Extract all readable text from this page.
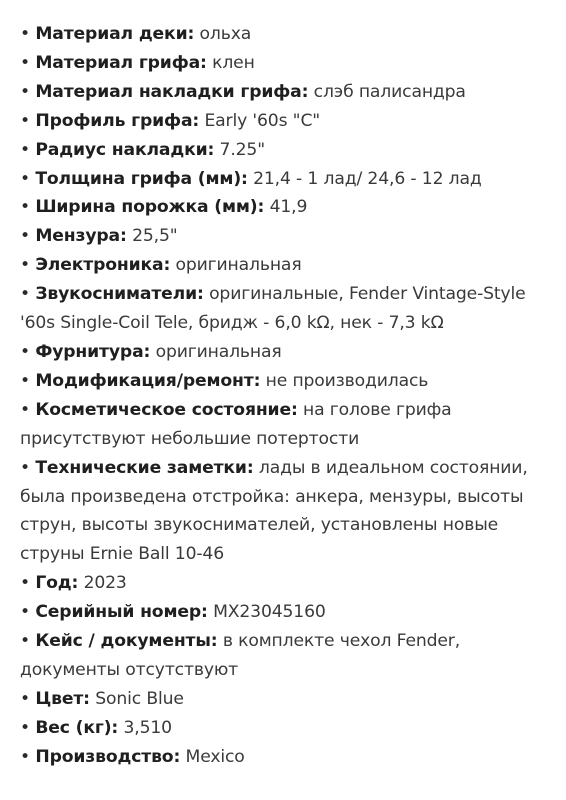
• Материал деки: ольха
• Материал грифа: клен
• Материал накладки грифа: слэб палисандра
• Профиль грифа: Early '60s "C"
• Радиус накладки: 7.25"
• Толщина грифа (мм): 21,4 - 1 лад/ 24,6 - 12 лад
• Ширина порожка (мм): 41,9
• Мензура: 25,5"
• Электроника: оригинальная
• Звукосниматели: оригинальные, Fender Vintage-Style '60s Single-Coil Tele, бридж - 6,0 kΩ, нек - 7,3 kΩ
• Фурнитура: оригинальная
• Модификация/ремонт: не производилась
• Косметическое состояние: на голове грифа присутствуют небольшие потертости
• Технические заметки: лады в идеальном состоянии, была произведена отстройка: анкера, мензуры, высоты струн, высоты звукоснимателей, установлены новые струны Ernie Ball 10-46
• Год: 2023
• Серийный номер: MX23045160
• Кейс / документы: в комплекте чехол Fender, документы отсутствуют
• Цвет: Sonic Blue
• Вес (кг): 3,510
• Производство: Mexico
